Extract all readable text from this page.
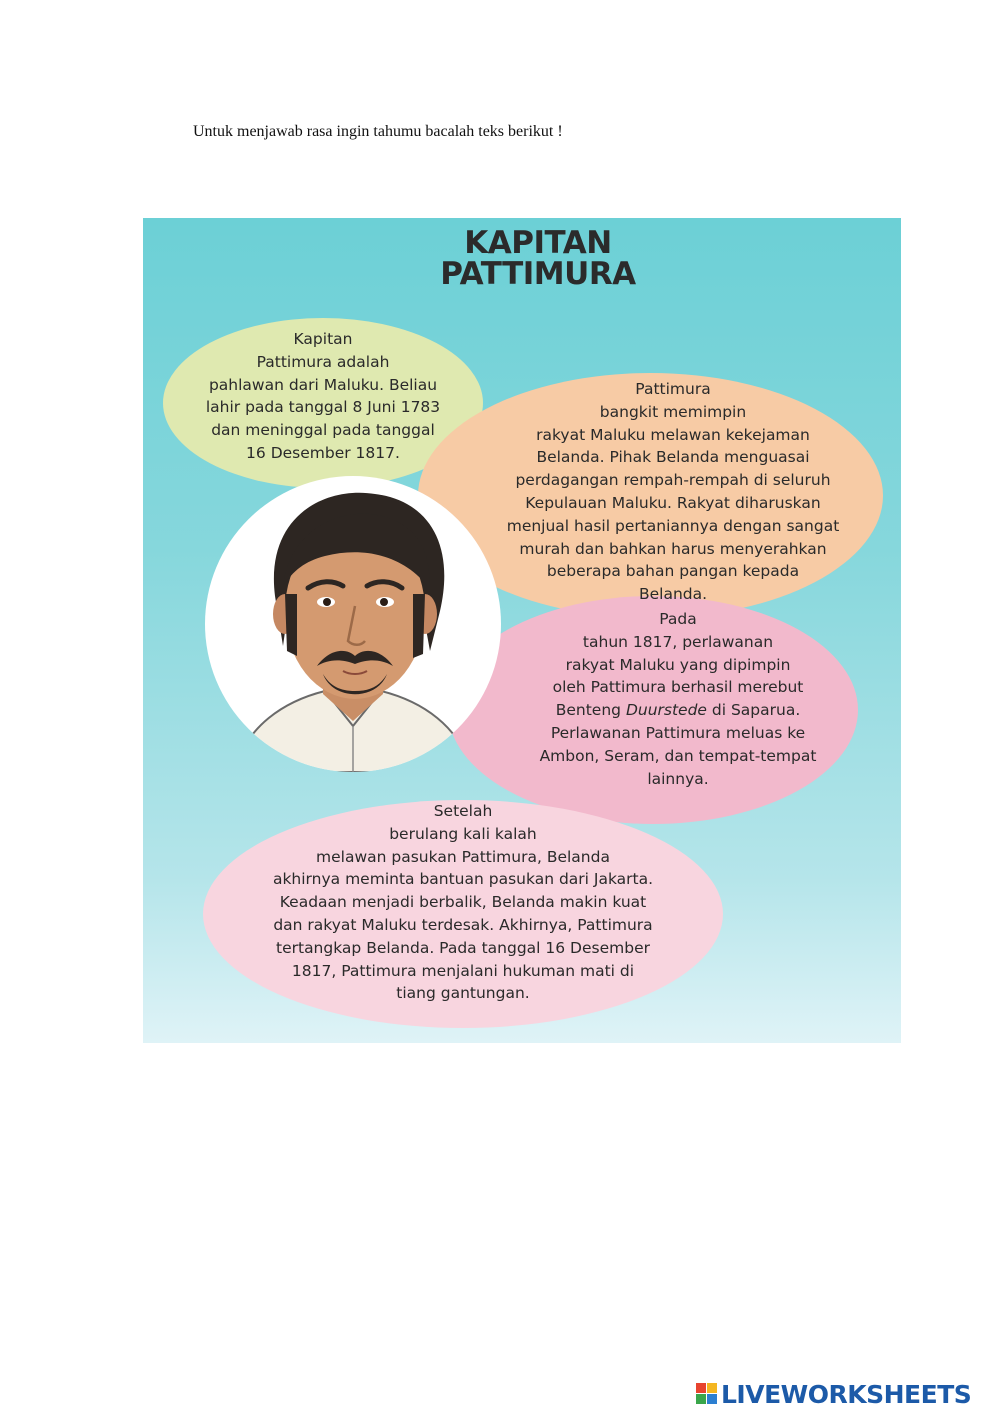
Untuk menjawab rasa ingin tahumu bacalah teks berikut !
KAPITAN
PATTIMURA
Kapitan
Pattimura adalah
pahlawan dari Maluku. Beliau
lahir pada tanggal 8 Juni 1783
dan meninggal pada tanggal
16 Desember 1817.
Pattimura
bangkit memimpin
rakyat Maluku melawan kekejaman
Belanda. Pihak Belanda menguasai
perdagangan rempah-rempah di seluruh
Kepulauan Maluku. Rakyat diharuskan
menjual hasil pertaniannya dengan sangat
murah dan bahkan harus menyerahkan
beberapa bahan pangan kepada
Belanda.
Pada
tahun 1817, perlawanan
rakyat Maluku yang dipimpin
oleh Pattimura berhasil merebut
Benteng Duurstede di Saparua.
Perlawanan Pattimura meluas ke
Ambon, Seram, dan tempat-tempat
lainnya.
Setelah
berulang kali kalah
melawan pasukan Pattimura, Belanda
akhirnya meminta bantuan pasukan dari Jakarta.
Keadaan menjadi berbalik, Belanda makin kuat
dan rakyat Maluku terdesak. Akhirnya, Pattimura
tertangkap Belanda. Pada tanggal 16 Desember
1817, Pattimura menjalani hukuman mati di
tiang gantungan.
LIVEWORKSHEETS
